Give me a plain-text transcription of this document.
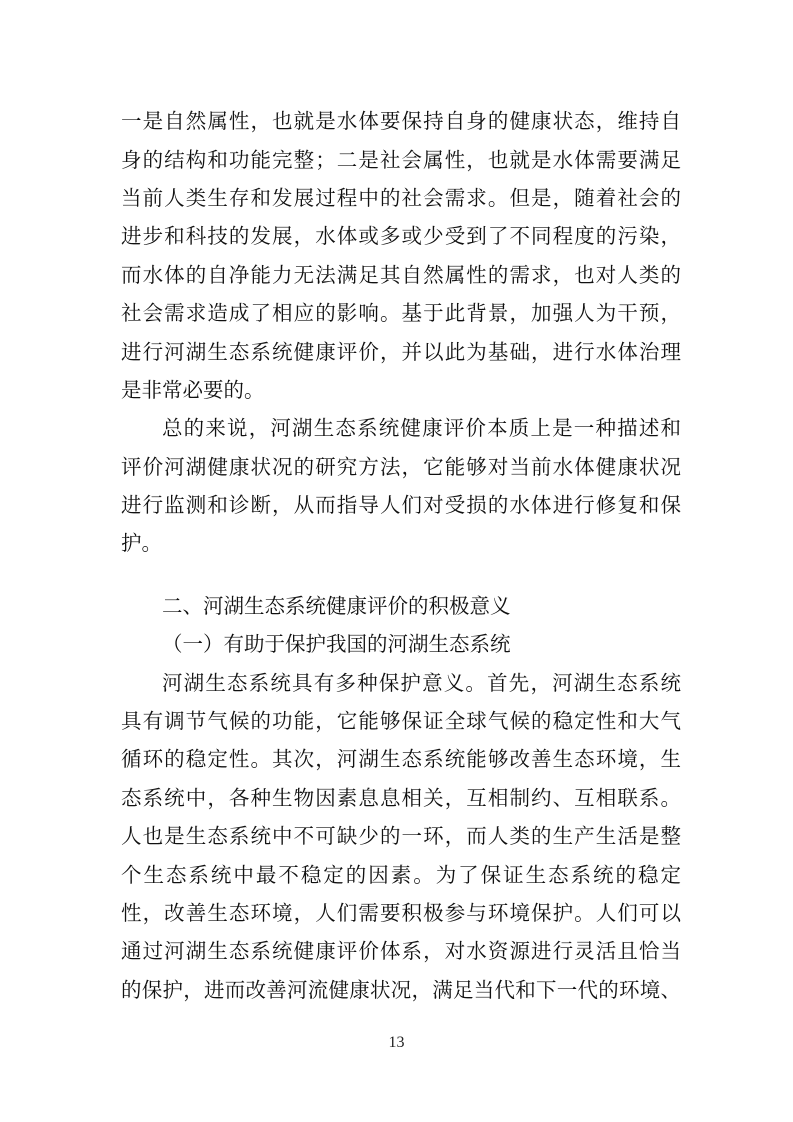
一是自然属性，也就是水体要保持自身的健康状态，维持自
身的结构和功能完整；二是社会属性，也就是水体需要满足
当前人类生存和发展过程中的社会需求。但是，随着社会的
进步和科技的发展，水体或多或少受到了不同程度的污染，
而水体的自净能力无法满足其自然属性的需求，也对人类的
社会需求造成了相应的影响。基于此背景，加强人为干预，
进行河湖生态系统健康评价，并以此为基础，进行水体治理
是非常必要的。
总的来说，河湖生态系统健康评价本质上是一种描述和
评价河湖健康状况的研究方法，它能够对当前水体健康状况
进行监测和诊断，从而指导人们对受损的水体进行修复和保
护。
二、河湖生态系统健康评价的积极意义
（一）有助于保护我国的河湖生态系统
河湖生态系统具有多种保护意义。首先，河湖生态系统
具有调节气候的功能，它能够保证全球气候的稳定性和大气
循环的稳定性。其次，河湖生态系统能够改善生态环境，生
态系统中，各种生物因素息息相关，互相制约、互相联系。
人也是生态系统中不可缺少的一环，而人类的生产生活是整
个生态系统中最不稳定的因素。为了保证生态系统的稳定
性，改善生态环境，人们需要积极参与环境保护。人们可以
通过河湖生态系统健康评价体系，对水资源进行灵活且恰当
的保护，进而改善河流健康状况，满足当代和下一代的环境、
13
